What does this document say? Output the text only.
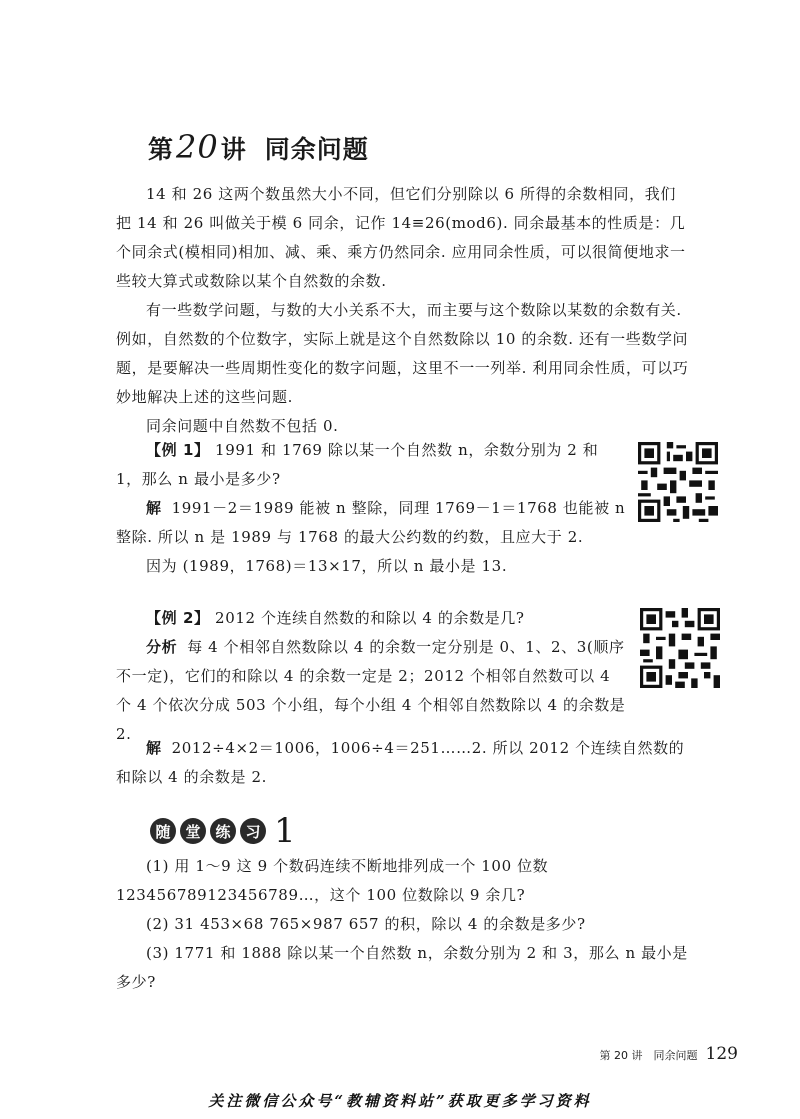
第20讲 同余问题

14 和 26 这两个数虽然大小不同，但它们分别除以 6 所得的余数相同，我们把 14 和 26 叫做关于模 6 同余，记作 14≡26(mod6). 同余最基本的性质是：几个同余式(模相同)相加、减、乘、乘方仍然同余. 应用同余性质，可以很简便地求一些较大算式或数除以某个自然数的余数.

有一些数学问题，与数的大小关系不大，而主要与这个数除以某数的余数有关. 例如，自然数的个位数字，实际上就是这个自然数除以 10 的余数. 还有一些数学问题，是要解决一些周期性变化的数字问题，这里不一一列举. 利用同余性质，可以巧妙地解决上述的这些问题.

同余问题中自然数不包括 0.

【例 1】 1991 和 1769 除以某一个自然数 n，余数分别为 2 和 1，那么 n 最小是多少?

解 1991－2＝1989 能被 n 整除，同理 1769－1＝1768 也能被 n 整除. 所以 n 是 1989 与 1768 的最大公约数的约数，且应大于 2.

因为 (1989，1768)＝13×17，所以 n 最小是 13.

【例 2】 2012 个连续自然数的和除以 4 的余数是几?

分析 每 4 个相邻自然数除以 4 的余数一定分别是 0、1、2、3(顺序不一定)，它们的和除以 4 的余数一定是 2；2012 个相邻自然数可以 4 个 4 个依次分成 503 个小组，每个小组 4 个相邻自然数除以 4 的余数是 2.

解 2012÷4×2＝1006，1006÷4＝251……2. 所以 2012 个连续自然数的和除以 4 的余数是 2.

随 堂 练 习 1

(1) 用 1～9 这 9 个数码连续不断地排列成一个 100 位数 123456789123456789…，这个 100 位数除以 9 余几?

(2) 31 453×68 765×987 657 的积，除以 4 的余数是多少?

(3) 1771 和 1888 除以某一个自然数 n，余数分别为 2 和 3，那么 n 最小是多少?

第 20 讲　同余问题 129
关注微信公众号“教辅资料站”获取更多学习资料
